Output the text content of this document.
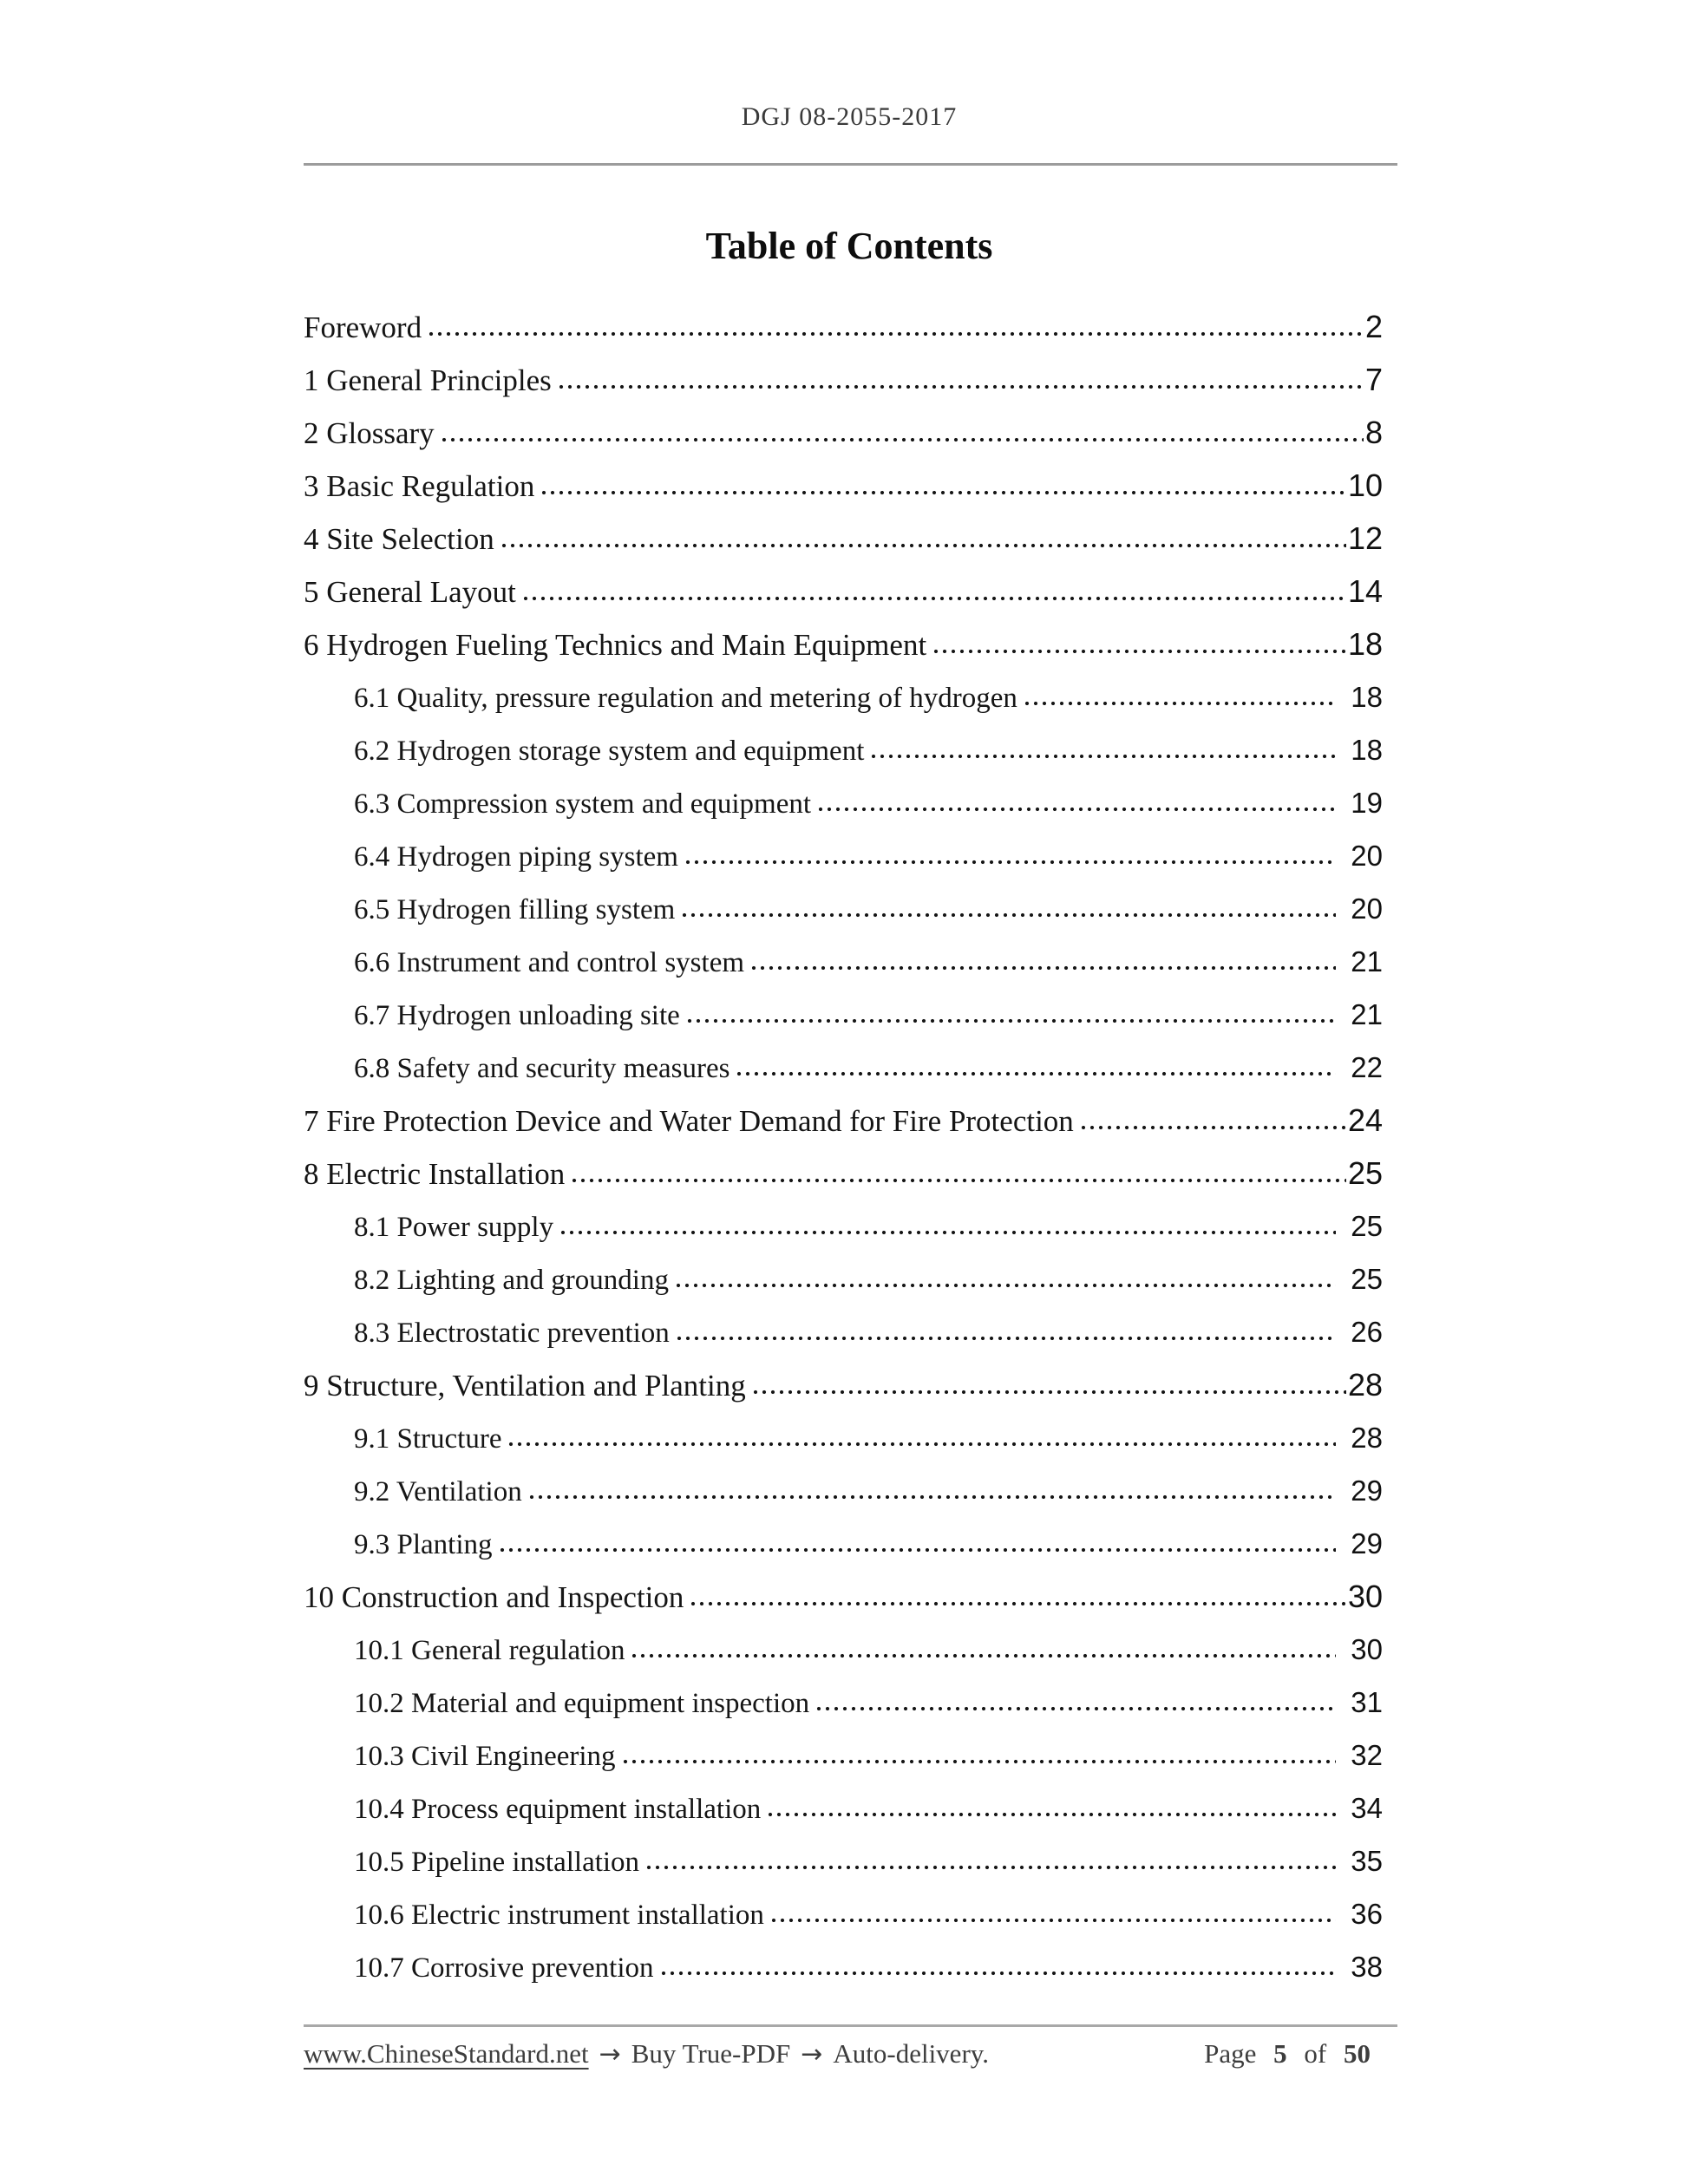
DGJ 08-2055-2017
Table of Contents
Foreword	2
1 General Principles	7
2 Glossary	8
3 Basic Regulation	10
4 Site Selection	12
5 General Layout	14
6 Hydrogen Fueling Technics and Main Equipment	18
6.1 Quality, pressure regulation and metering of hydrogen	18
6.2 Hydrogen storage system and equipment	18
6.3 Compression system and equipment	19
6.4 Hydrogen piping system	20
6.5 Hydrogen filling system	20
6.6 Instrument and control system	21
6.7 Hydrogen unloading site	21
6.8 Safety and security measures	22
7 Fire Protection Device and Water Demand for Fire Protection	24
8 Electric Installation	25
8.1 Power supply	25
8.2 Lighting and grounding	25
8.3 Electrostatic prevention	26
9 Structure, Ventilation and Planting	28
9.1 Structure	28
9.2 Ventilation	29
9.3 Planting	29
10 Construction and Inspection	30
10.1 General regulation	30
10.2 Material and equipment inspection	31
10.3 Civil Engineering	32
10.4 Process equipment installation	34
10.5 Pipeline installation	35
10.6 Electric instrument installation	36
10.7 Corrosive prevention	38
www.ChineseStandard.net → Buy True-PDF → Auto-delivery.	Page 5 of 50
